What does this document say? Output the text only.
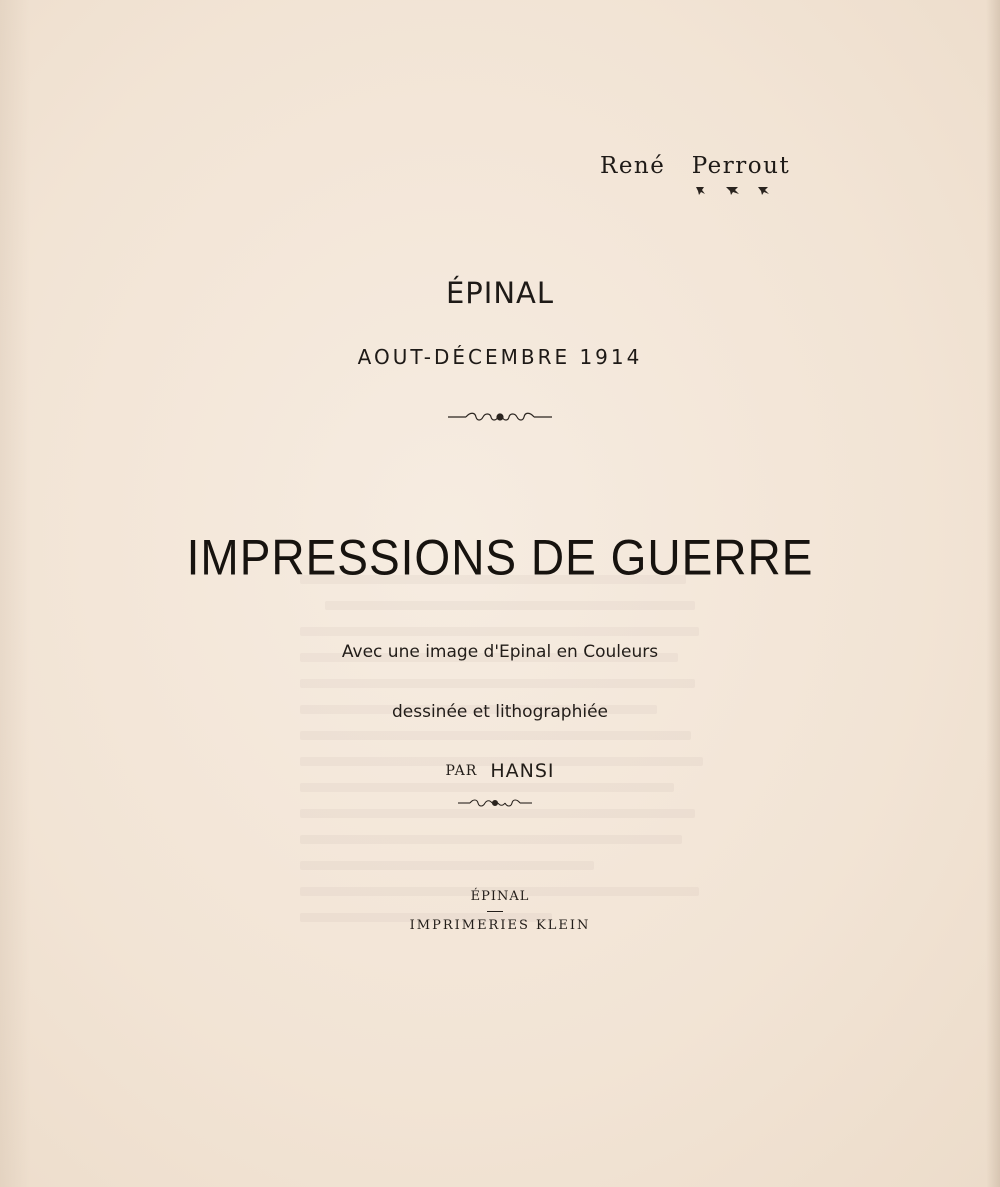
René Perrout
ÉPINAL
AOUT-DÉCEMBRE 1914
IMPRESSIONS DE GUERRE
Avec une image d'Epinal en Couleurs
dessinée et lithographiée
PAR HANSI
ÉPINAL
IMPRIMERIES KLEIN
